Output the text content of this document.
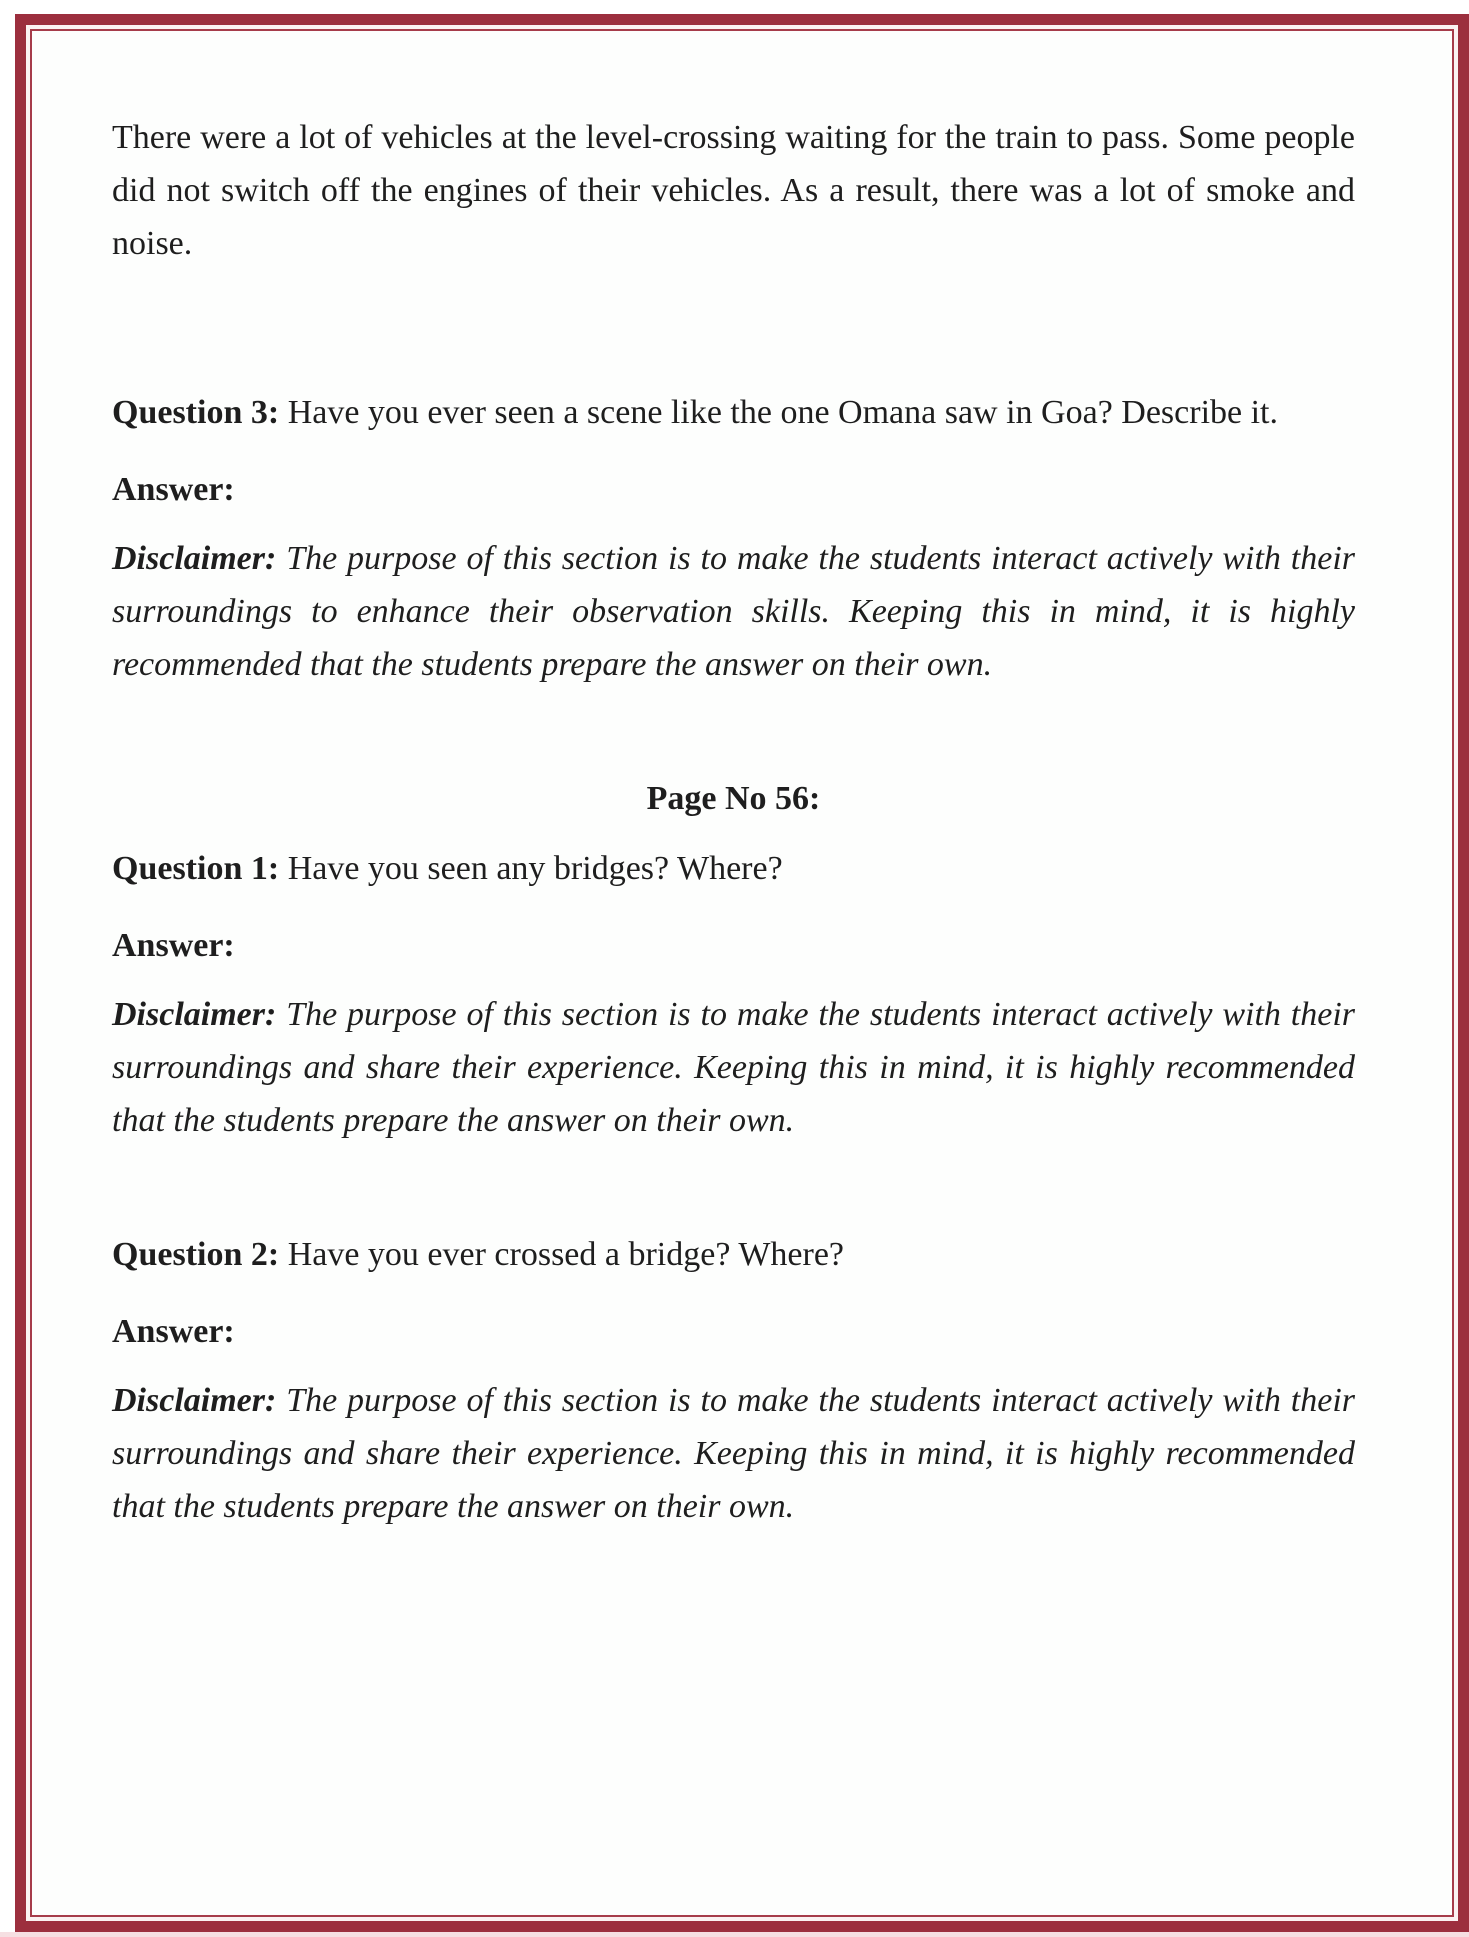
There were a lot of vehicles at the level-crossing waiting for the train to pass. Some people did not switch off the engines of their vehicles. As a result, there was a lot of smoke and noise.

Question 3: Have you ever seen a scene like the one Omana saw in Goa? Describe it.

Answer:

Disclaimer: The purpose of this section is to make the students interact actively with their surroundings to enhance their observation skills. Keeping this in mind, it is highly recommended that the students prepare the answer on their own.

Page No 56:

Question 1: Have you seen any bridges? Where?

Answer:

Disclaimer: The purpose of this section is to make the students interact actively with their surroundings and share their experience. Keeping this in mind, it is highly recommended that the students prepare the answer on their own.

Question 2: Have you ever crossed a bridge? Where?

Answer:

Disclaimer: The purpose of this section is to make the students interact actively with their surroundings and share their experience. Keeping this in mind, it is highly recommended that the students prepare the answer on their own.
